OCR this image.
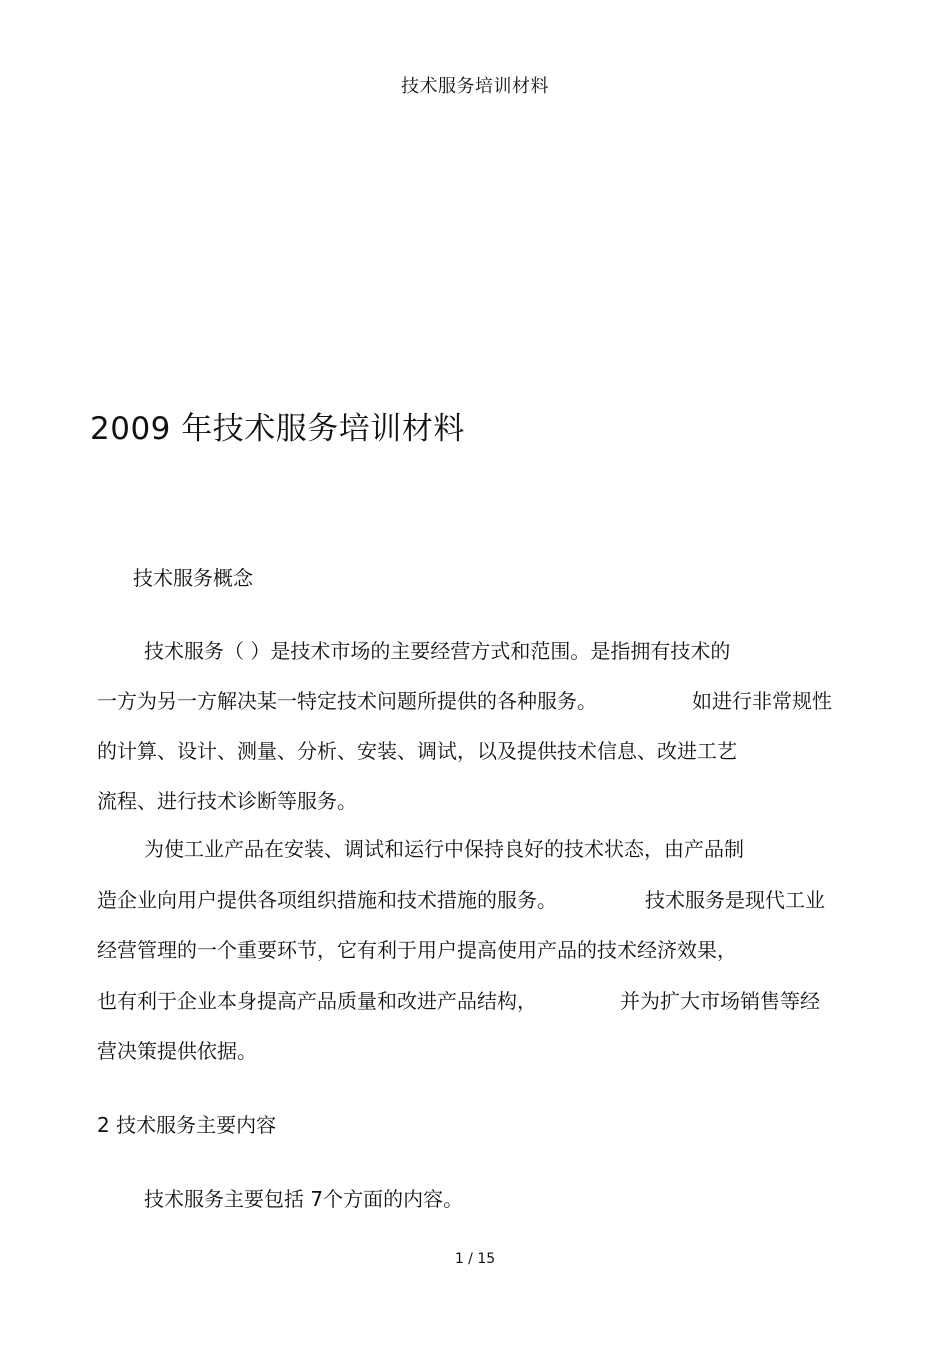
技术服务培训材料
2009 年技术服务培训材料
技术服务概念
技术服务（ ）是技术市场的主要经营方式和范围。是指拥有技术的
一方为另一方解决某一特定技术问题所提供的各种服务。	如进行非常规性
的计算、设计、测量、分析、安装、调试，以及提供技术信息、改进工艺
流程、进行技术诊断等服务。
为使工业产品在安装、调试和运行中保持良好的技术状态，由产品制
造企业向用户提供各项组织措施和技术措施的服务。	技术服务是现代工业
经营管理的一个重要环节，它有利于用户提高使用产品的技术经济效果，
也有利于企业本身提高产品质量和改进产品结构，	并为扩大市场销售等经
营决策提供依据。
2 技术服务主要内容
技术服务主要包括 7个方面的内容。
1 / 15
